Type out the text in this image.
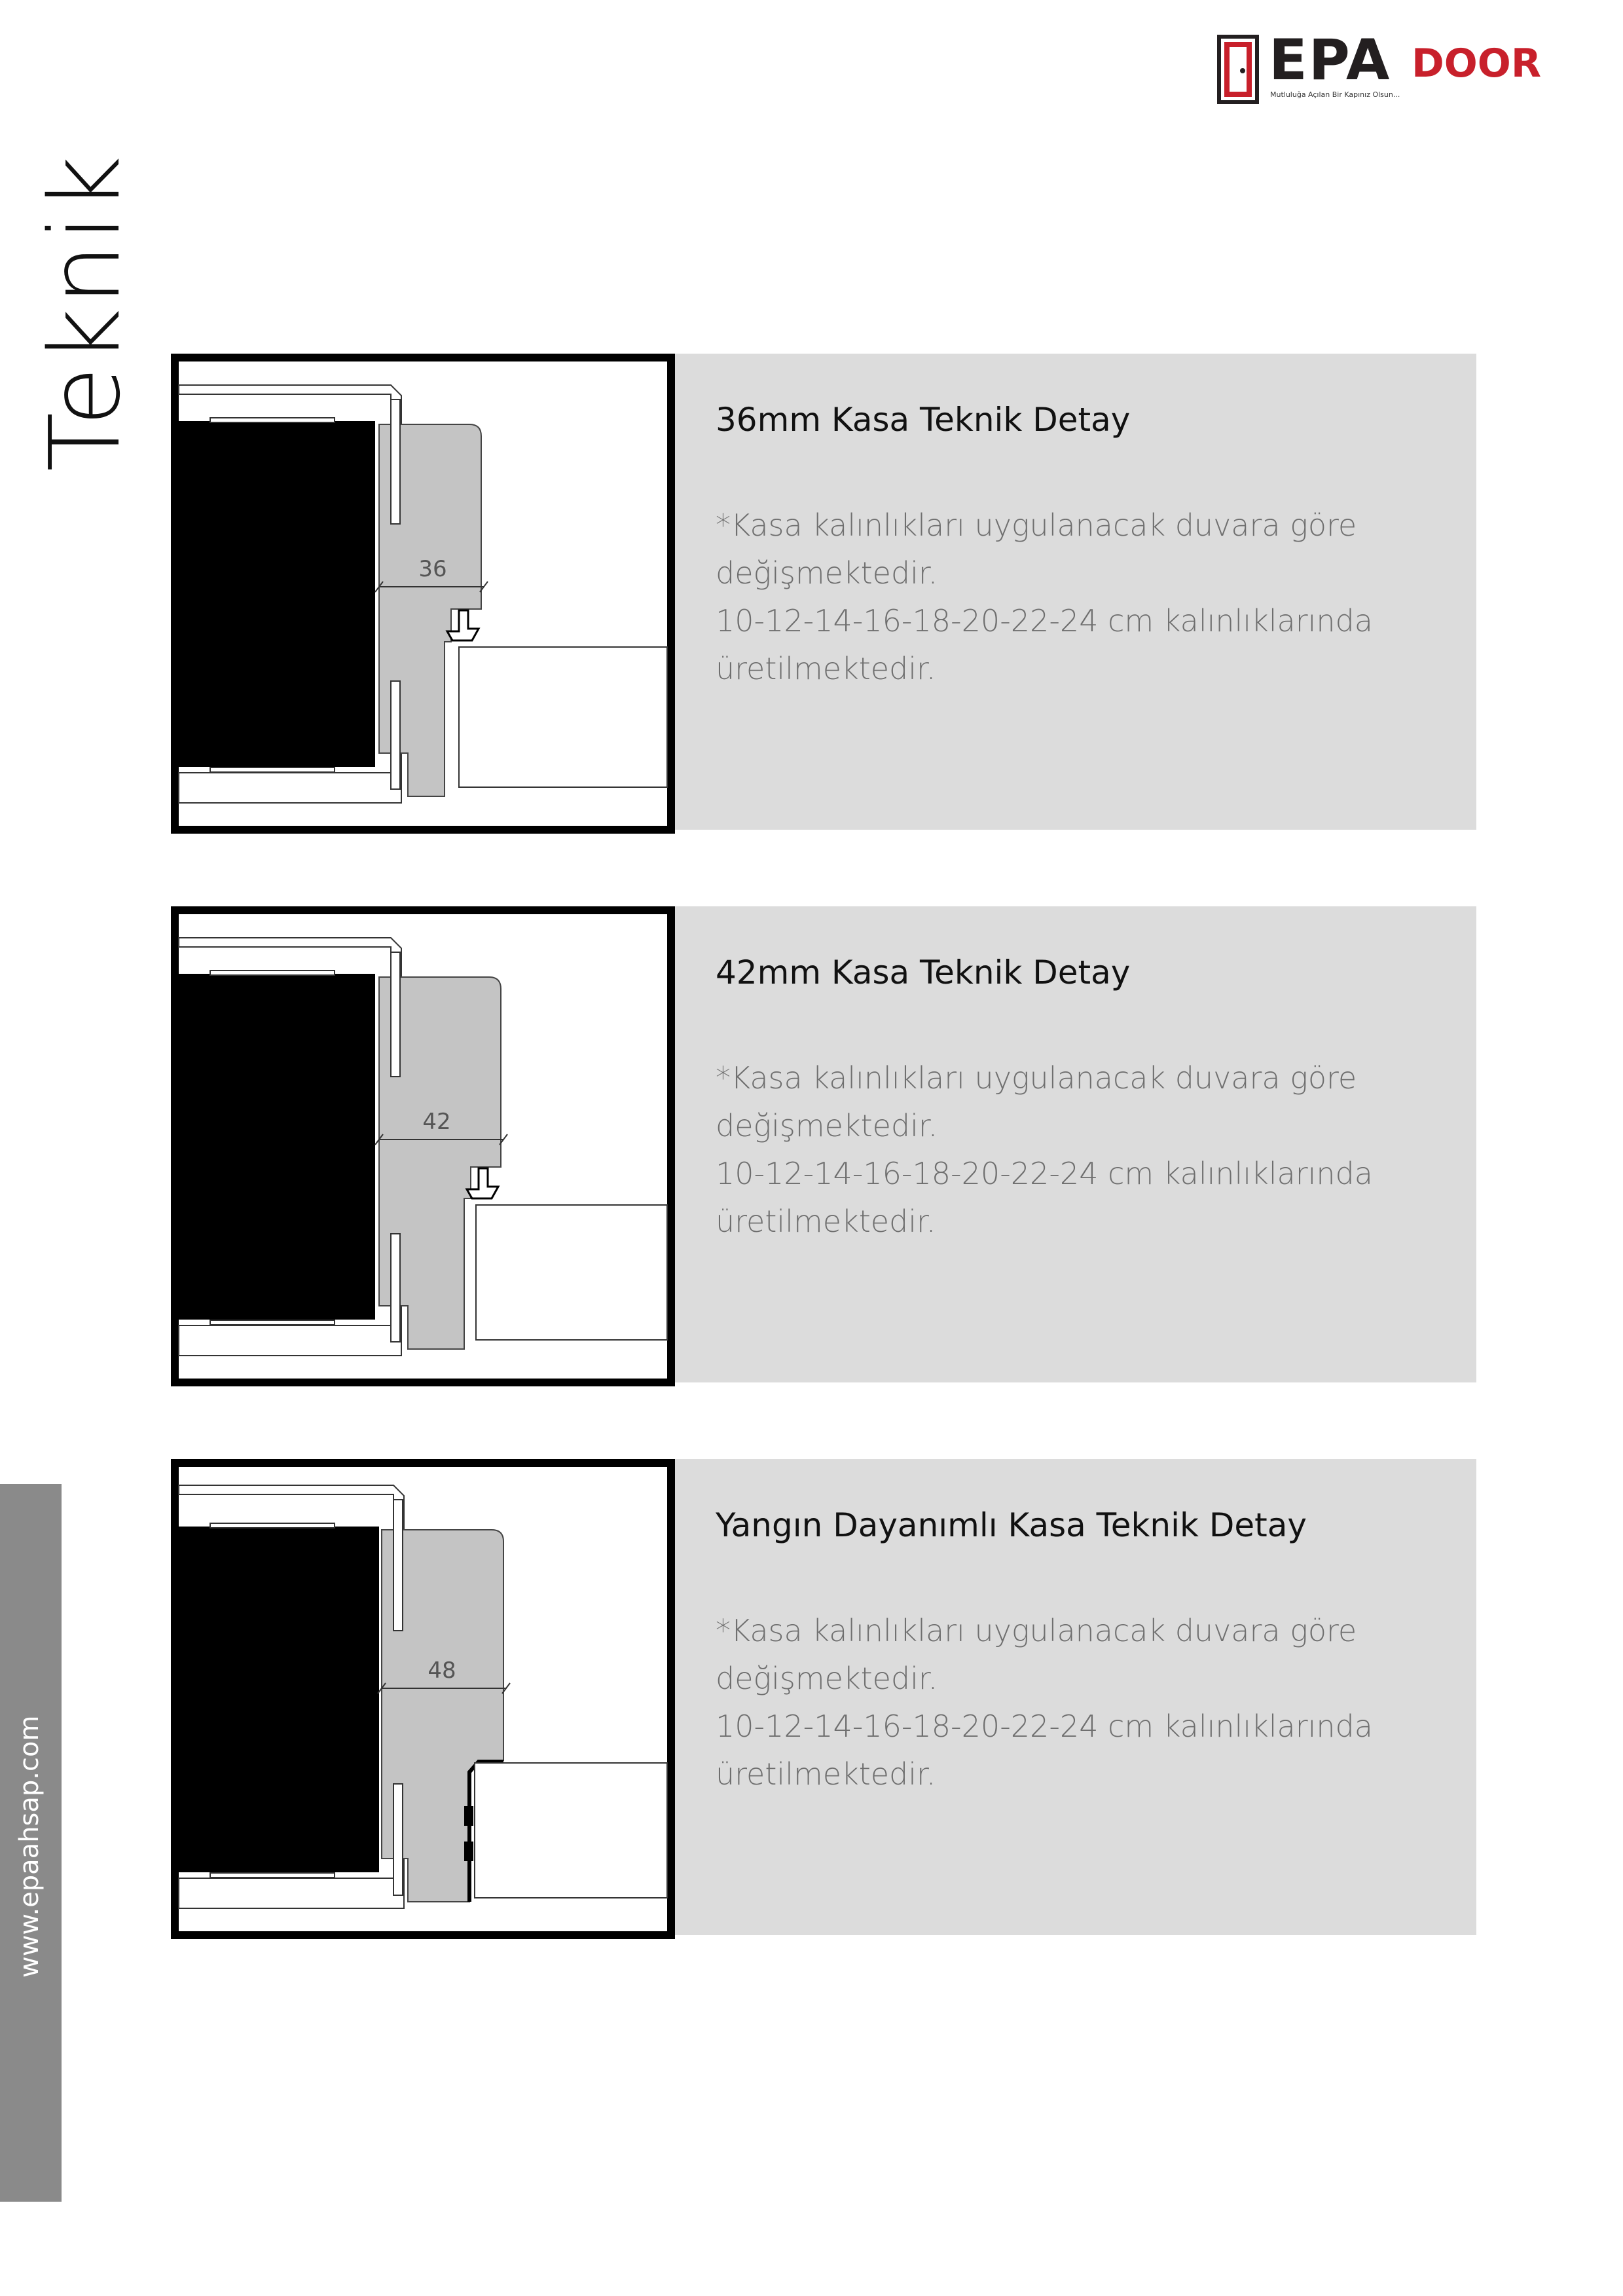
EPA DOOR
Mutluluğa Açılan Bir Kapınız Olsun...
Teknik
www.epaahsap.com
36
36mm Kasa Teknik Detay

*Kasa kalınlıkları uygulanacak duvara göre değişmektedir.

10-12-14-16-18-20-22-24 cm kalınlıklarında üretilmektedir.

42
42mm Kasa Teknik Detay

*Kasa kalınlıkları uygulanacak duvara göre değişmektedir.

10-12-14-16-18-20-22-24 cm kalınlıklarında üretilmektedir.

48
Yangın Dayanımlı Kasa Teknik Detay

*Kasa kalınlıkları uygulanacak duvara göre değişmektedir.

10-12-14-16-18-20-22-24 cm kalınlıklarında üretilmektedir.
